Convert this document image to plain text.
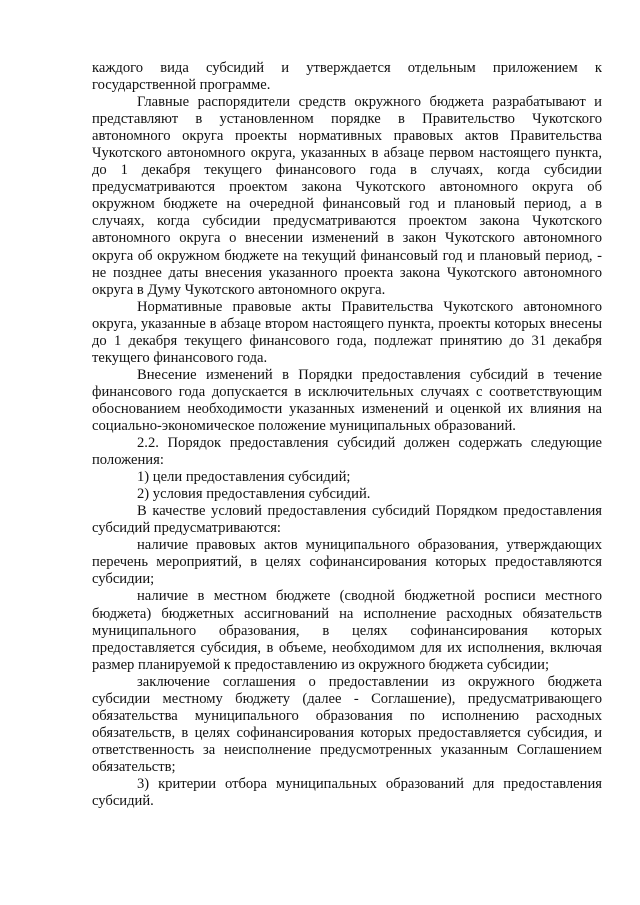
каждого вида субсидий и утверждается отдельным приложением к государственной программе.

Главные распорядители средств окружного бюджета разрабатывают и представляют в установленном порядке в Правительство Чукотского автономного округа проекты нормативных правовых актов Правительства Чукотского автономного округа, указанных в абзаце первом настоящего пункта, до 1 декабря текущего финансового года в случаях, когда субсидии предусматриваются проектом закона Чукотского автономного округа об окружном бюджете на очередной финансовый год и плановый период, а в случаях, когда субсидии предусматриваются проектом закона Чукотского автономного округа о внесении изменений в закон Чукотского автономного округа об окружном бюджете на текущий финансовый год и плановый период, - не позднее даты внесения указанного проекта закона Чукотского автономного округа в Думу Чукотского автономного округа.

Нормативные правовые акты Правительства Чукотского автономного округа, указанные в абзаце втором настоящего пункта, проекты которых внесены до 1 декабря текущего финансового года, подлежат принятию до 31 декабря текущего финансового года.

Внесение изменений в Порядки предоставления субсидий в течение финансового года допускается в исключительных случаях с соответствующим обоснованием необходимости указанных изменений и оценкой их влияния на социально-экономическое положение муниципальных образований.

2.2. Порядок предоставления субсидий должен содержать следующие положения:

1) цели предоставления субсидий;

2) условия предоставления субсидий.

В качестве условий предоставления субсидий Порядком предоставления субсидий предусматриваются:

наличие правовых актов муниципального образования, утверждающих перечень мероприятий, в целях софинансирования которых предоставляются субсидии;

наличие в местном бюджете (сводной бюджетной росписи местного бюджета) бюджетных ассигнований на исполнение расходных обязательств муниципального образования, в целях софинансирования которых предоставляется субсидия, в объеме, необходимом для их исполнения, включая размер планируемой к предоставлению из окружного бюджета субсидии;

заключение соглашения о предоставлении из окружного бюджета субсидии местному бюджету (далее - Соглашение), предусматривающего обязательства муниципального образования по исполнению расходных обязательств, в целях софинансирования которых предоставляется субсидия, и ответственность за неисполнение предусмотренных указанным Соглашением обязательств;

3) критерии отбора муниципальных образований для предоставления субсидий.
